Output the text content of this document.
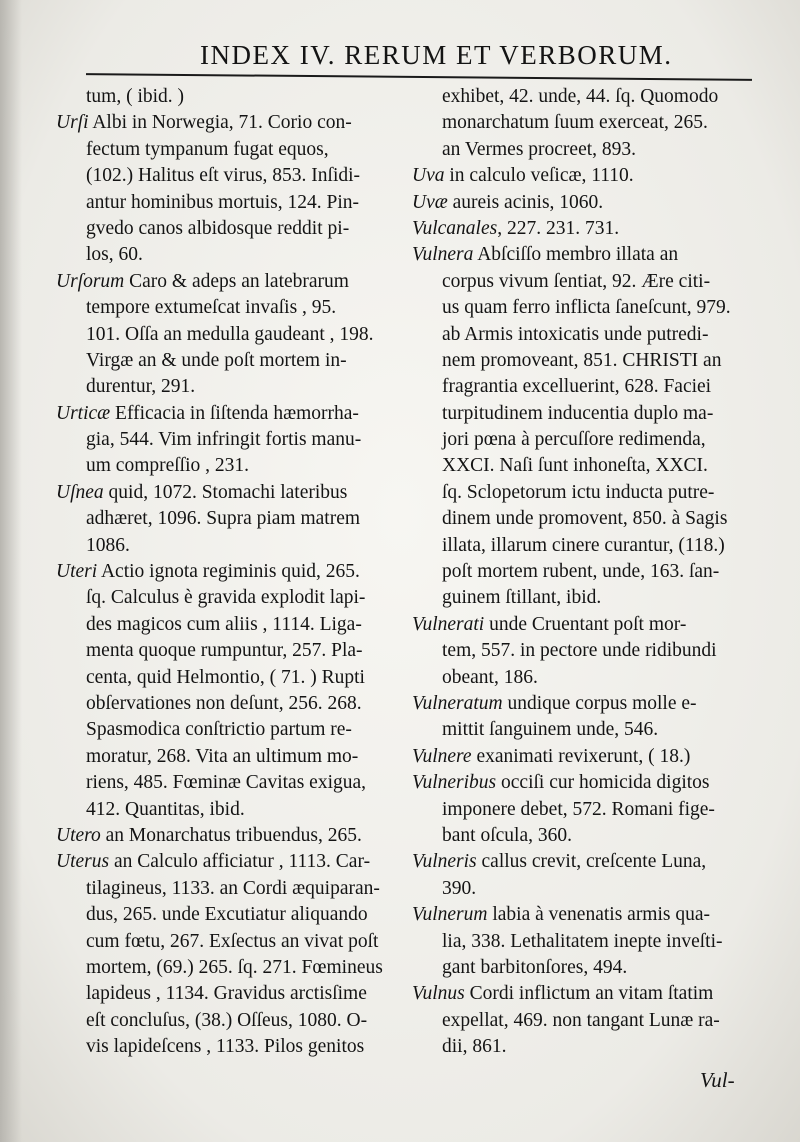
INDEX IV. RERUM ET VERBORUM.
tum, ( ibid. )
Urſi Albi in Norwegia, 71. Corio con-
fectum tympanum fugat equos,
(102.) Halitus eſt virus, 853. Inſidi-
antur hominibus mortuis, 124. Pin-
gvedo canos albidosque reddit pi-
los, 60.
Urſorum Caro & adeps an latebrarum
tempore extumeſcat invaſis , 95.
101. Oſſa an medulla gaudeant , 198.
Virgæ an & unde poſt mortem in-
durentur, 291.
Urticæ Efficacia in ſiſtenda hæmorrha-
gia, 544. Vim infringit fortis manu-
um compreſſio , 231.
Uſnea quid, 1072. Stomachi lateribus
adhæret, 1096. Supra piam matrem
1086.
Uteri Actio ignota regiminis quid, 265.
ſq. Calculus è gravida explodit lapi-
des magicos cum aliis , 1114. Liga-
menta quoque rumpuntur, 257. Pla-
centa, quid Helmontio, ( 71. ) Rupti
obſervationes non deſunt, 256. 268.
Spasmodica conſtrictio partum re-
moratur, 268. Vita an ultimum mo-
riens, 485. Fœminæ Cavitas exigua,
412. Quantitas, ibid.
Utero an Monarchatus tribuendus, 265.
Uterus an Calculo afficiatur , 1113. Car-
tilagineus, 1133. an Cordi æquiparan-
dus, 265. unde Excutiatur aliquando
cum fœtu, 267. Exſectus an vivat poſt
mortem, (69.) 265. ſq. 271. Fœmineus
lapideus , 1134. Gravidus arctisſime
eſt concluſus, (38.) Oſſeus, 1080. O-
vis lapideſcens , 1133. Pilos genitos
exhibet, 42. unde, 44. ſq. Quomodo
monarchatum ſuum exerceat, 265.
an Vermes procreet, 893.
Uva in calculo veſicæ, 1110.
Uvæ aureis acinis, 1060.
Vulcanales, 227. 231. 731.
Vulnera Abſciſſo membro illata an
corpus vivum ſentiat, 92. Ære citi-
us quam ferro inflicta ſaneſcunt, 979.
ab Armis intoxicatis unde putredi-
nem promoveant, 851. CHRISTI an
fragrantia excelluerint, 628. Faciei
turpitudinem inducentia duplo ma-
jori pœna à percuſſore redimenda,
XXCI. Naſi ſunt inhoneſta, XXCI.
ſq. Sclopetorum ictu inducta putre-
dinem unde promovent, 850. à Sagis
illata, illarum cinere curantur, (118.)
poſt mortem rubent, unde, 163. ſan-
guinem ſtillant, ibid.
Vulnerati unde Cruentant poſt mor-
tem, 557. in pectore unde ridibundi
obeant, 186.
Vulneratum undique corpus molle e-
mittit ſanguinem unde, 546.
Vulnere exanimati revixerunt, ( 18.)
Vulneribus occiſi cur homicida digitos
imponere debet, 572. Romani fige-
bant oſcula, 360.
Vulneris callus crevit, creſcente Luna,
390.
Vulnerum labia à venenatis armis qua-
lia, 338. Lethalitatem inepte inveſti-
gant barbitonſores, 494.
Vulnus Cordi inflictum an vitam ſtatim
expellat, 469. non tangant Lunæ ra-
dii, 861.
Vul-
